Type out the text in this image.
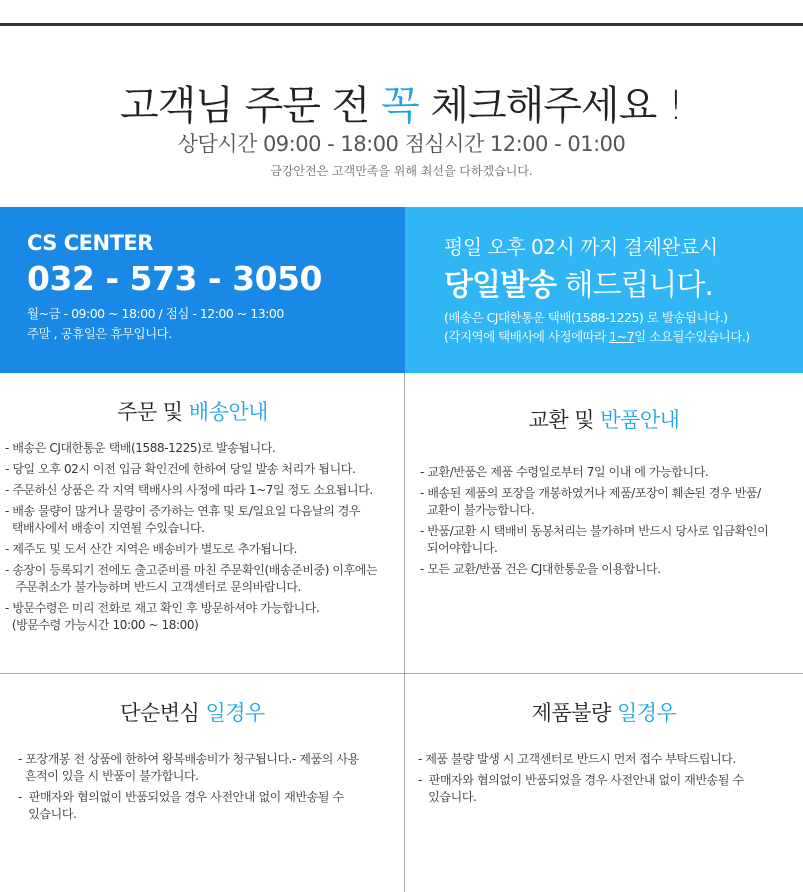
고객님 주문 전 꼭 체크해주세요 !
상담시간 09:00 - 18:00 점심시간 12:00 - 01:00
금강안전은 고객만족을 위해 최선을 다하겠습니다.
CS CENTER
032 - 573 - 3050
월~금 - 09:00 ~ 18:00 / 점심 - 12:00 ~ 13:00
주말 , 공휴일은 휴무입니다.
평일 오후 02시 까지 결제완료시
당일발송 해드립니다.
(배송은 CJ대한통운 택배(1588-1225) 로 발송됩니다.)
(각지역에 택배사에 사정에따라 1~7일 소요될수있습니다.)
주문 및 배송안내
- 배송은 CJ대한통운 택배(1588-1225)로 발송됩니다.
- 당일 오후 02시 이전 입금 확인건에 한하여 당일 발송 처리가 됩니다.
- 주문하신 상품은 각 지역 택배사의 사정에 따라 1~7일 정도 소요됩니다.
- 배송 물량이 많거나 물량이 증가하는 연휴 및 토/일요일 다음날의 경우
택배사에서 배송이 지연될 수있습니다.
- 제주도 및 도서 산간 지역은 배송비가 별도로 추가됩니다.
- 송장이 등록되기 전에도 출고준비를 마친 주문확인(배송준비중) 이후에는
주문취소가 불가능하며 반드시 고객센터로 문의바랍니다.
- 방문수령은 미리 전화로 재고 확인 후 방문하셔야 가능합니다.
(방문수령 가능시간 10:00 ~ 18:00)
교환 및 반품안내
- 교환/반품은 제품 수령일로부터 7일 이내 에 가능합니다.
- 배송된 제품의 포장을 개봉하였거나 제품/포장이 훼손된 경우 반품/
교환이 불가능합니다.
- 반품/교환 시 택배비 동봉처리는 불가하며 반드시 당사로 입금확인이
되어야합니다.
- 모든 교환/반품 건은 CJ대한통운을 이용합니다.
단순변심 일경우
- 포장개봉 전 상품에 한하여 왕복배송비가 청구됩니다.- 제품의 사용
흔적이 있을 시 반품이 불가합니다.
-  판매자와 협의없이 반품되었을 경우 사전안내 없이 재반송될 수
있습니다.
제품불량 일경우
- 제품 불량 발생 시 고객센터로 반드시 먼저 접수 부탁드립니다.
-  판매자와 협의없이 반품되었을 경우 사전안내 없이 재반송될 수
있습니다.
